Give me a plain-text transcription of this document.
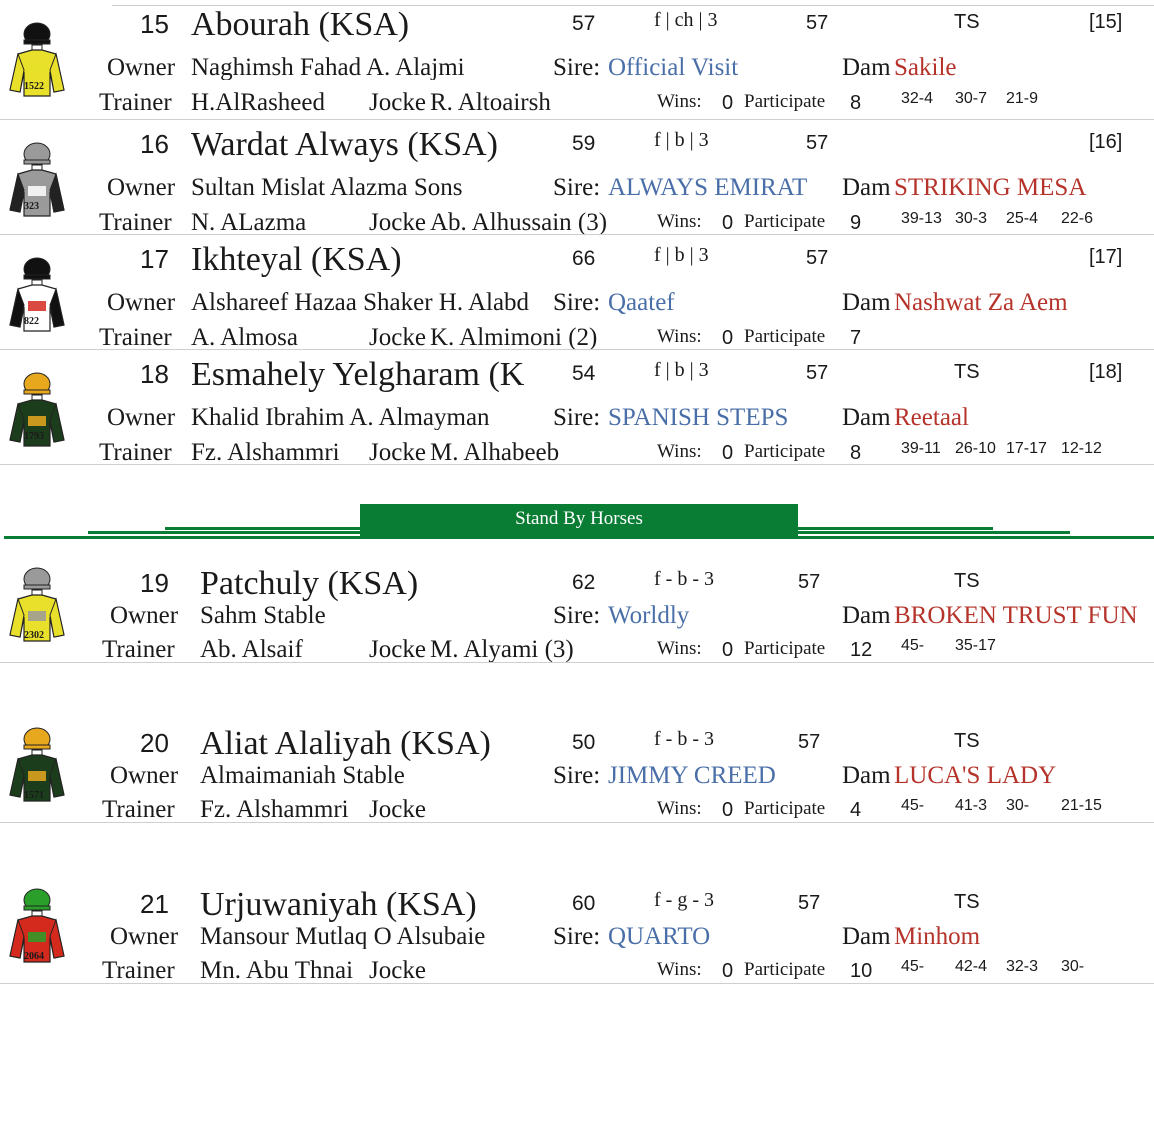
1522
15 Abourah (KSA)	57	f | ch | 3	57	TS	[15]
Owner Naghimsh Fahad A. Alajmi	Sire: Official Visit	Dam Sakile
Trainer H.AlRasheed	Jocke R. Altoairsh	Wins: 0 Participate	8 32-4 30-7 21-9
323
16 Wardat Always (KSA)	59	f | b | 3	57	[16]
Owner Sultan Mislat Alazma Sons	Sire: ALWAYS EMIRAT Dam STRIKING MESA
Trainer N. ALazma	Jocke Ab. Alhussain (3)	Wins: 0 Participate	9 39-13 30-3 25-4 22-6
822
17 Ikhteyal (KSA)	66	f | b | 3	57	[17]
Owner Alshareef Hazaa Shaker H. Alabd Sire: Qaatef	Dam Nashwat Za Aem
Trainer A. Almosa	Jocke K. Almimoni (2)	Wins: 0 Participate	7
1793
18 Esmahely Yelgharam (K	54	f | b | 3	57	TS	[18]
Owner Khalid Ibrahim A. Almayman	Sire: SPANISH STEPS Dam Reetaal
Trainer Fz. Alshammri	Jocke M. Alhabeeb	Wins: 0 Participate	8 39-11 26-10 17-17 12-12
2302
19 Patchuly (KSA)	62	f - b - 3	57	TS
Owner Sahm Stable	Sire: Worldly	Dam BROKEN TRUST FUN
Trainer Ab. Alsaif	Jocke M. Alyami (3)	Wins: 0 Participate	12 45- 35-17
1571
20 Aliat Alaliyah (KSA)	50	f - b - 3	57	TS
Owner Almaimaniah Stable	Sire: JIMMY CREED	Dam LUCA'S LADY
Trainer Fz. Alshammri Jocke	Wins: 0 Participate	4 45- 41-3 30- 21-15
2064
21 Urjuwaniyah (KSA)	60	f - g - 3	57	TS
Owner Mansour Mutlaq O Alsubaie	Sire: QUARTO	Dam Minhom
Trainer Mn. Abu Thnai Jocke	Wins: 0 Participate	10 45- 42-4 32-3 30-
Stand By Horses
